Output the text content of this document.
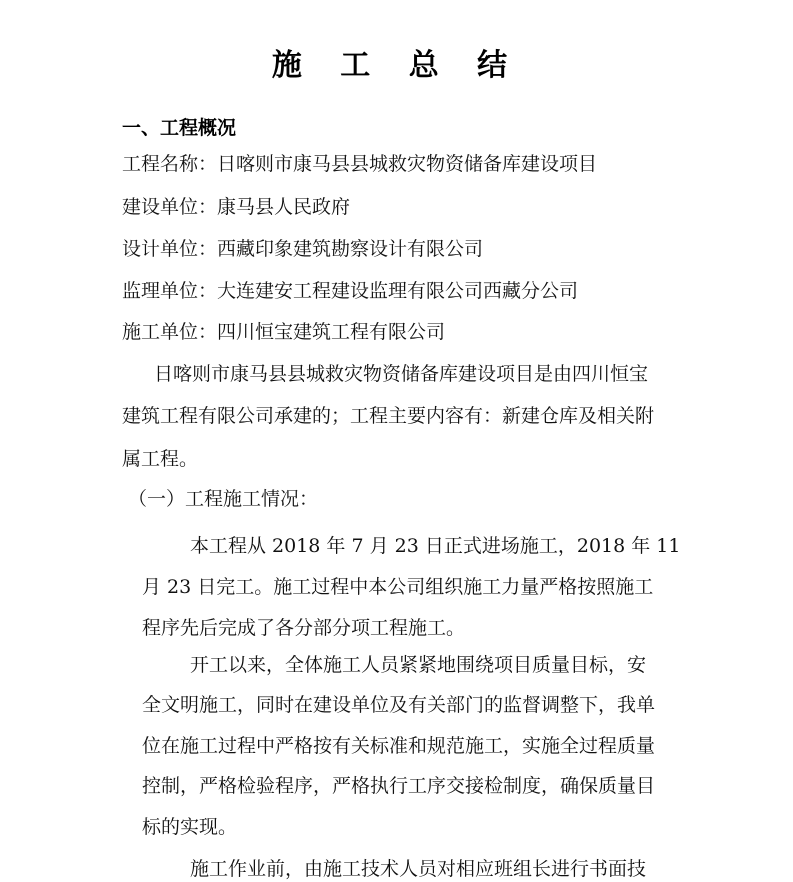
施 工 总 结
一、工程概况
工程名称：日喀则市康马县县城救灾物资储备库建设项目
建设单位：康马县人民政府
设计单位：西藏印象建筑勘察设计有限公司
监理单位：大连建安工程建设监理有限公司西藏分公司
施工单位：四川恒宝建筑工程有限公司
日喀则市康马县县城救灾物资储备库建设项目是由四川恒宝
建筑工程有限公司承建的；工程主要内容有：新建仓库及相关附
属工程。
（一）工程施工情况：
本工程从 2018 年 7 月 23 日正式进场施工，2018 年 11
月 23 日完工。施工过程中本公司组织施工力量严格按照施工
程序先后完成了各分部分项工程施工。
开工以来，全体施工人员紧紧地围绕项目质量目标，安
全文明施工，同时在建设单位及有关部门的监督调整下，我单
位在施工过程中严格按有关标准和规范施工，实施全过程质量
控制，严格检验程序，严格执行工序交接检制度，确保质量目
标的实现。
施工作业前，由施工技术人员对相应班组长进行书面技
